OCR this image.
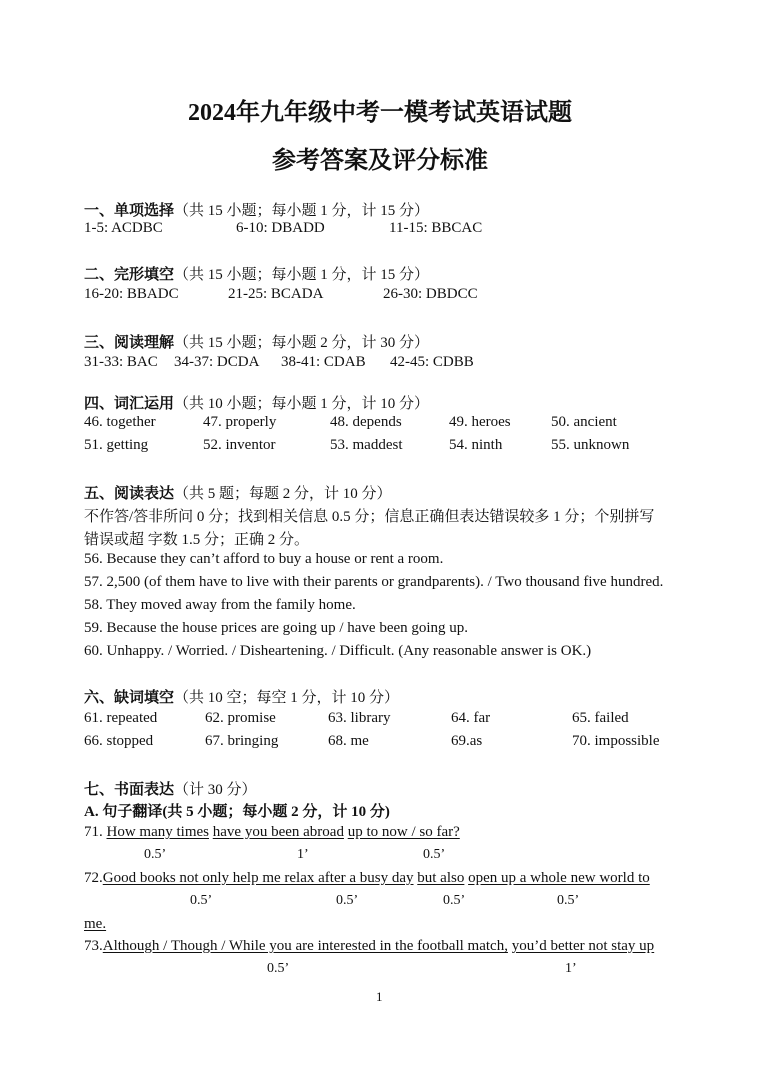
2024年九年级中考一模考试英语试题
参考答案及评分标准
一、单项选择（共 15 小题；每小题 1 分，计 15 分）
1-5: ACDBC	6-10: DBADD	11-15: BBCAC
二、完形填空（共 15 小题；每小题 1 分，计 15 分）
16-20: BBADC	21-25: BCADA	26-30: DBDCC
三、阅读理解（共 15 小题；每小题 2 分，计 30 分）
31-33: BAC 34-37: DCDA 38-41: CDAB 42-45: CDBB
四、词汇运用（共 10 小题；每小题 1 分，计 10 分）
46. together	47. properly	48. depends	49. heroes	50. ancient
51. getting	52. inventor	53. maddest	54. ninth	55. unknown
五、阅读表达（共 5 题；每题 2 分，计 10 分）
不作答/答非所问 0 分；找到相关信息 0.5 分；信息正确但表达错误较多 1 分；个别拼写
错误或超 字数 1.5 分；正确 2 分。
56. Because they can’t afford to buy a house or rent a room.
57. 2,500 (of them have to live with their parents or grandparents). / Two thousand five hundred.
58. They moved away from the family home.
59. Because the house prices are going up / have been going up.
60. Unhappy. / Worried. / Disheartening. / Difficult. (Any reasonable answer is OK.)
六、缺词填空（共 10 空；每空 1 分，计 10 分）
61. repeated	62. promise	63. library	64. far	65. failed
66. stopped	67. bringing	68. me	69.as	70. impossible
七、书面表达（计 30 分）
A. 句子翻译(共 5 小题；每小题 2 分，计 10 分)
71. How many times have you been abroad up to now / so far?
0.5’	1’	0.5’
72.Good books not only help me relax after a busy day but also open up a whole new world to
0.5’	0.5’	0.5’	0.5’
me.
73.Although / Though / While you are interested in the football match, you’d better not stay up
0.5’	1’
1
